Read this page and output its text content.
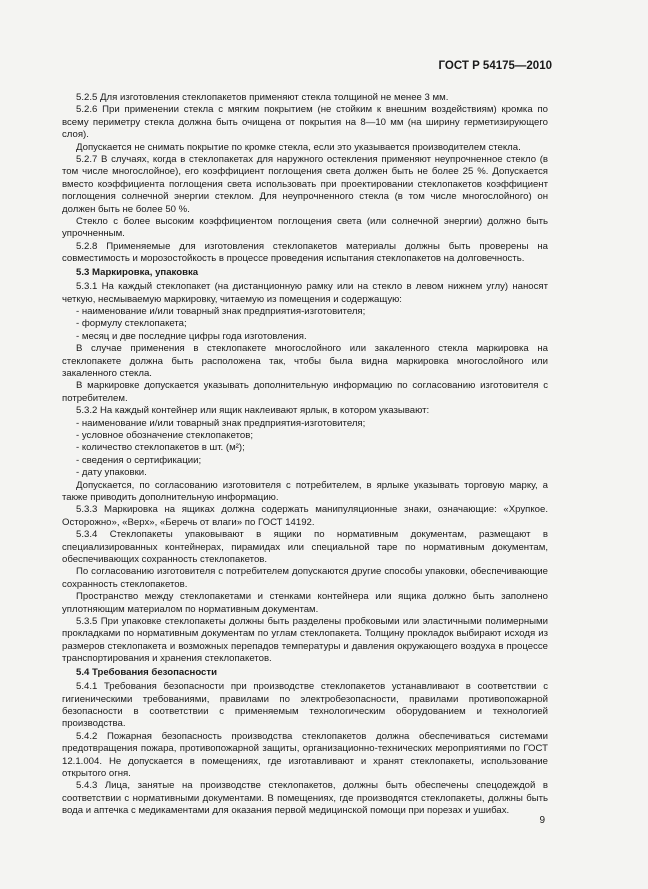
ГОСТ Р 54175—2010

5.2.5 Для изготовления стеклопакетов применяют стекла толщиной не менее 3 мм.

5.2.6 При применении стекла с мягким покрытием (не стойким к внешним воздействиям) кромка по всему периметру стекла должна быть очищена от покрытия на 8—10 мм (на ширину герметизирующего слоя).

Допускается не снимать покрытие по кромке стекла, если это указывается производителем стекла.

5.2.7 В случаях, когда в стеклопакетах для наружного остекления применяют неупрочненное стекло (в том числе многослойное), его коэффициент поглощения света должен быть не более 25 %. Допускается вместо коэффициента поглощения света использовать при проектировании стеклопакетов коэффициент поглощения солнечной энергии стеклом. Для неупрочненного стекла (в том числе многослойного) он должен быть не более 50 %.

Стекло с более высоким коэффициентом поглощения света (или солнечной энергии) должно быть упрочненным.

5.2.8 Применяемые для изготовления стеклопакетов материалы должны быть проверены на совместимость и морозостойкость в процессе проведения испытания стеклопакетов на долговечность.

5.3 Маркировка, упаковка

5.3.1 На каждый стеклопакет (на дистанционную рамку или на стекло в левом нижнем углу) наносят четкую, несмываемую маркировку, читаемую из помещения и содержащую:

- наименование и/или товарный знак предприятия-изготовителя;

- формулу стеклопакета;

- месяц и две последние цифры года изготовления.

В случае применения в стеклопакете многослойного или закаленного стекла маркировка на стеклопакете должна быть расположена так, чтобы была видна маркировка многослойного или закаленного стекла.

В маркировке допускается указывать дополнительную информацию по согласованию изготовителя с потребителем.

5.3.2 На каждый контейнер или ящик наклеивают ярлык, в котором указывают:

- наименование и/или товарный знак предприятия-изготовителя;

- условное обозначение стеклопакетов;

- количество стеклопакетов в шт. (м²);

- сведения о сертификации;

- дату упаковки.

Допускается, по согласованию изготовителя с потребителем, в ярлыке указывать торговую марку, а также приводить дополнительную информацию.

5.3.3 Маркировка на ящиках должна содержать манипуляционные знаки, означающие: «Хрупкое. Осторожно», «Верх», «Беречь от влаги» по ГОСТ 14192.

5.3.4 Стеклопакеты упаковывают в ящики по нормативным документам, размещают в специализированных контейнерах, пирамидах или специальной таре по нормативным документам, обеспечивающих сохранность стеклопакетов.

По согласованию изготовителя с потребителем допускаются другие способы упаковки, обеспечивающие сохранность стеклопакетов.

Пространство между стеклопакетами и стенками контейнера или ящика должно быть заполнено уплотняющим материалом по нормативным документам.

5.3.5 При упаковке стеклопакеты должны быть разделены пробковыми или эластичными полимерными прокладками по нормативным документам по углам стеклопакета. Толщину прокладок выбирают исходя из размеров стеклопакета и возможных перепадов температуры и давления окружающего воздуха в процессе транспортирования и хранения стеклопакетов.

5.4 Требования безопасности

5.4.1 Требования безопасности при производстве стеклопакетов устанавливают в соответствии с гигиеническими требованиями, правилами по электробезопасности, правилами противопожарной безопасности в соответствии с применяемым технологическим оборудованием и технологией производства.

5.4.2 Пожарная безопасность производства стеклопакетов должна обеспечиваться системами предотвращения пожара, противопожарной защиты, организационно-технических мероприятиями по ГОСТ 12.1.004. Не допускается в помещениях, где изготавливают и хранят стеклопакеты, использование открытого огня.

5.4.3 Лица, занятые на производстве стеклопакетов, должны быть обеспечены спецодеждой в соответствии с нормативными документами. В помещениях, где производятся стеклопакеты, должны быть вода и аптечка с медикаментами для оказания первой медицинской помощи при порезах и ушибах.

9
